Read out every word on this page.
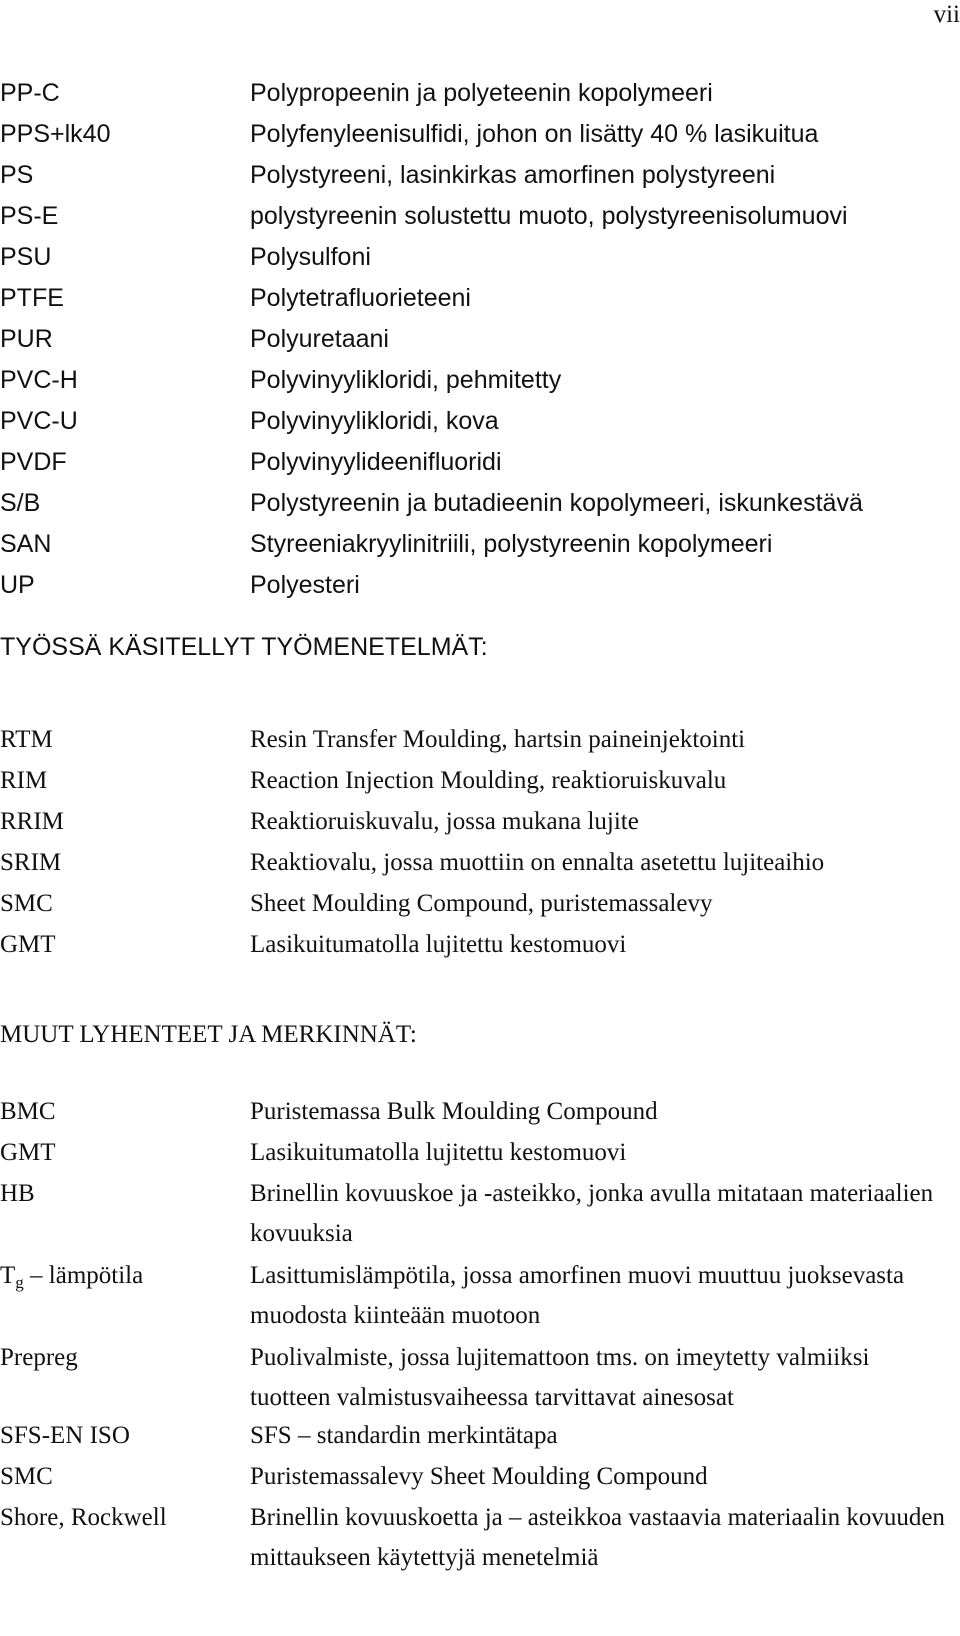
vii
PP-C	Polypropeenin ja polyeteenin kopolymeeri
PPS+lk40	Polyfenyleenisulfidi, johon on lisätty 40 % lasikuitua
PS	Polystyreeni, lasinkirkas amorfinen polystyreeni
PS-E	polystyreenin solustettu muoto, polystyreenisolumuovi
PSU	Polysulfoni
PTFE	Polytetrafluorieteeni
PUR	Polyuretaani
PVC-H	Polyvinyylikloridi, pehmitetty
PVC-U	Polyvinyylikloridi, kova
PVDF	Polyvinyylideenifluoridi
S/B	Polystyreenin ja butadieenin kopolymeeri, iskunkestävä
SAN	Styreeniakryylinitriili, polystyreenin kopolymeeri
UP	Polyesteri
TYÖSSÄ KÄSITELLYT TYÖMENETELMÄT:
RTM	Resin Transfer Moulding, hartsin paineinjektointi
RIM	Reaction Injection Moulding, reaktioruiskuvalu
RRIM	Reaktioruiskuvalu, jossa mukana lujite
SRIM	Reaktiovalu, jossa muottiin on ennalta asetettu lujiteaihio
SMC	Sheet Moulding Compound, puristemassalevy
GMT	Lasikuitumatolla lujitettu kestomuovi
MUUT LYHENTEET JA MERKINNÄT:
BMC	Puristemassa Bulk Moulding Compound
GMT	Lasikuitumatolla lujitettu kestomuovi
HB	Brinellin kovuuskoe ja -asteikko, jonka avulla mitataan materiaalien kovuuksia
$T_g$ – lämpötila	Lasittumislämpötila, jossa amorfinen muovi muuttuu juoksevasta muodosta kiinteään muotoon
Prepreg	Puolivalmiste, jossa lujitemattoon tms. on imeytetty valmiiksi tuotteen valmistusvaiheessa tarvittavat ainesosat
SFS-EN ISO	SFS – standardin merkintätapa
SMC	Puristemassalevy Sheet Moulding Compound
Shore, Rockwell	Brinellin kovuuskoetta ja – asteikkoa vastaavia materiaalin kovuuden mittaukseen käytettyjä menetelmiä
